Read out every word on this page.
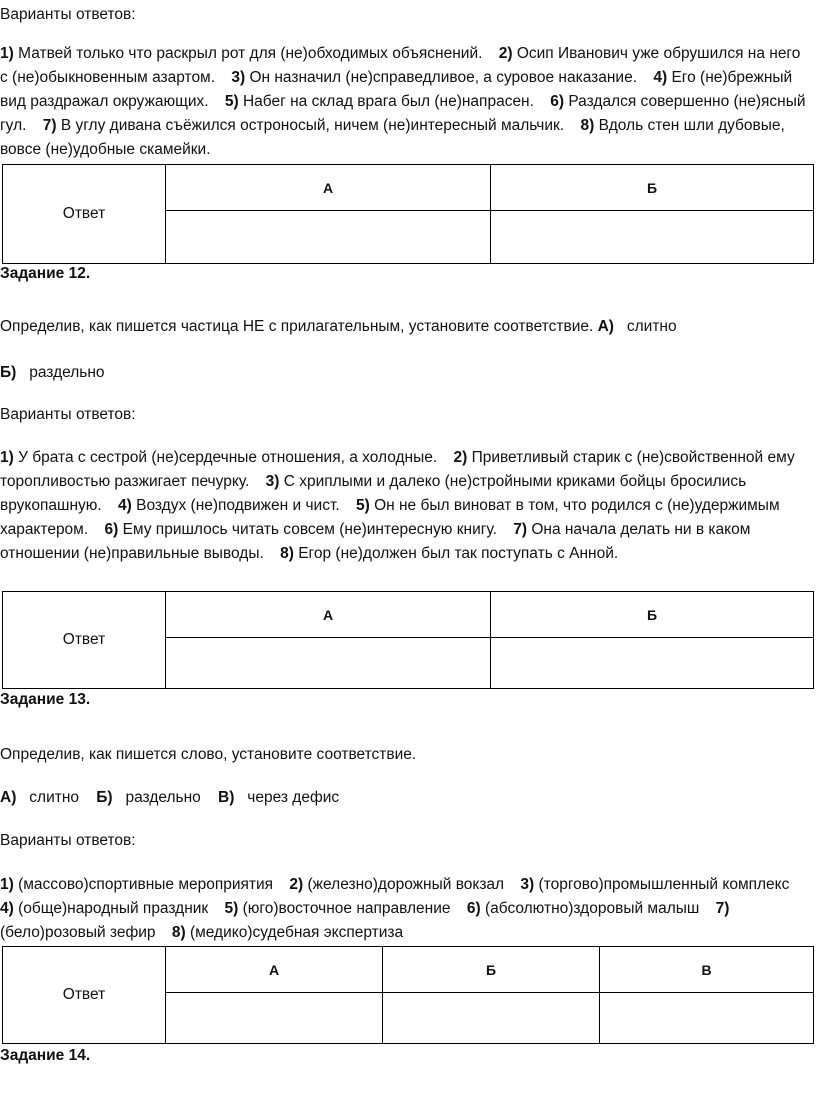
Варианты ответов:
1) Матвей только что раскрыл рот для (не)обходимых объяснений. 2) Осип Иванович уже обрушился на него с (не)обыкновенным азартом. 3) Он назначил (не)справедливое, а суровое наказание. 4) Его (не)брежный вид раздражал окружающих. 5) Набег на склад врага был (не)напрасен. 6) Раздался совершенно (не)ясный гул. 7) В углу дивана съёжился остроносый, ничем (не)интересный мальчик. 8) Вдоль стен шли дубовые, вовсе (не)удобные скамейки.
Ответ	А	Б

Задание 12.
Определив, как пишется частица НЕ с прилагательным, установите соответствие. А) слитно
Б) раздельно
Варианты ответов:
1) У брата с сестрой (не)сердечные отношения, а холодные. 2) Приветливый старик с (не)свойственной ему торопливостью разжигает печурку. 3) С хриплыми и далеко (не)стройными криками бойцы бросились врукопашную. 4) Воздух (не)подвижен и чист. 5) Он не был виноват в том, что родился с (не)удержимым характером. 6) Ему пришлось читать совсем (не)интересную книгу. 7) Она начала делать ни в каком отношении (не)правильные выводы. 8) Егор (не)должен был так поступать с Анной.
Ответ	А	Б

Задание 13.
Определив, как пишется слово, установите соответствие.
А) слитно Б) раздельно В) через дефис
Варианты ответов:
1) (массово)спортивные мероприятия 2) (железно)дорожный вокзал 3) (торгово)промышленный комплекс 4) (обще)народный праздник 5) (юго)восточное направление 6) (абсолютно)здоровый малыш 7) (бело)розовый зефир 8) (медико)судебная экспертиза
Ответ	А	Б	В

Задание 14.
